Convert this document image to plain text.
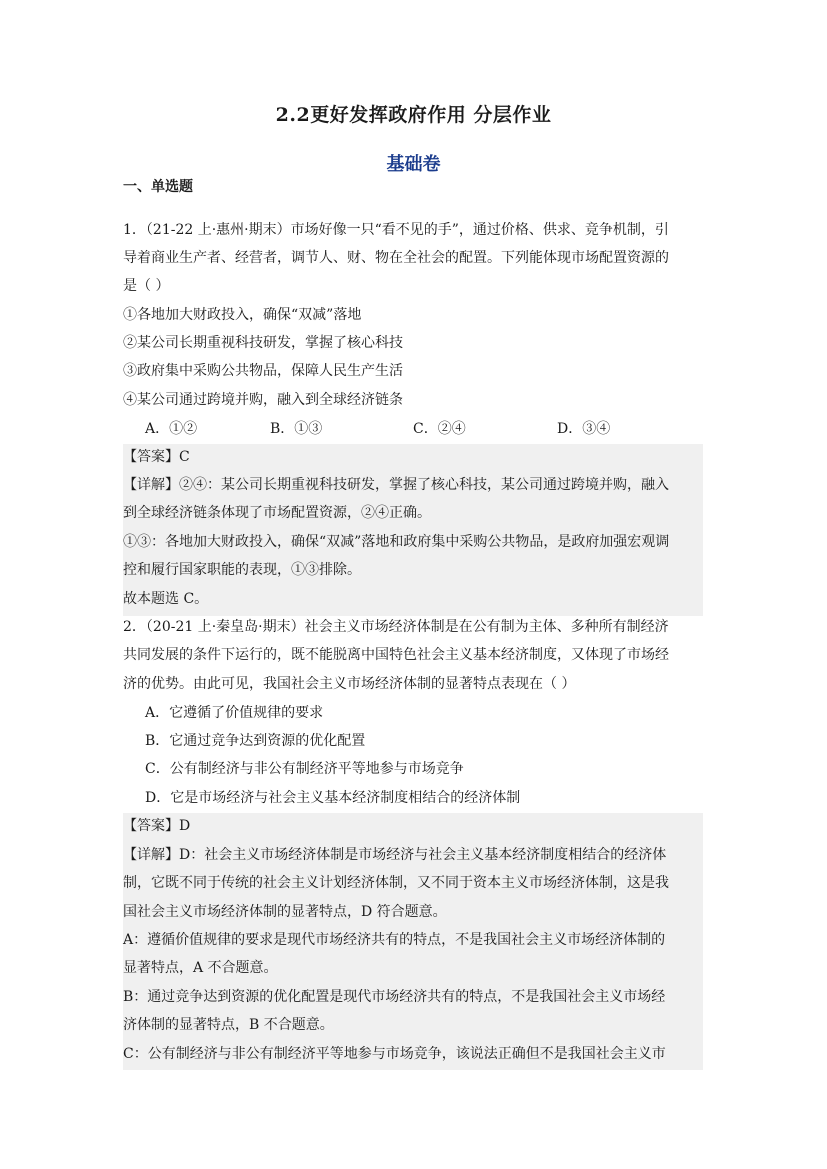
2.2更好发挥政府作用 分层作业
基础卷
一、单选题
1．（21-22 上·惠州·期末）市场好像一只“看不见的手”，通过价格、供求、竞争机制，引
导着商业生产者、经营者，调节人、财、物在全社会的配置。下列能体现市场配置资源的
是（ ）
①各地加大财政投入，确保“双减”落地
②某公司长期重视科技研发，掌握了核心科技
③政府集中采购公共物品，保障人民生产生活
④某公司通过跨境并购，融入到全球经济链条
A．①②	B．①③	C．②④	D．③④
【答案】C
【详解】②④：某公司长期重视科技研发，掌握了核心科技，某公司通过跨境并购，融入
到全球经济链条体现了市场配置资源，②④正确。
①③：各地加大财政投入，确保“双减”落地和政府集中采购公共物品，是政府加强宏观调
控和履行国家职能的表现，①③排除。
故本题选 C。
2．（20-21 上·秦皇岛·期末）社会主义市场经济体制是在公有制为主体、多种所有制经济
共同发展的条件下运行的，既不能脱离中国特色社会主义基本经济制度，又体现了市场经
济的优势。由此可见，我国社会主义市场经济体制的显著特点表现在（ ）
A．它遵循了价值规律的要求
B．它通过竞争达到资源的优化配置
C．公有制经济与非公有制经济平等地参与市场竞争
D．它是市场经济与社会主义基本经济制度相结合的经济体制
【答案】D
【详解】D：社会主义市场经济体制是市场经济与社会主义基本经济制度相结合的经济体
制，它既不同于传统的社会主义计划经济体制，又不同于资本主义市场经济体制，这是我
国社会主义市场经济体制的显著特点，D 符合题意。
A：遵循价值规律的要求是现代市场经济共有的特点，不是我国社会主义市场经济体制的
显著特点，A 不合题意。
B：通过竞争达到资源的优化配置是现代市场经济共有的特点，不是我国社会主义市场经
济体制的显著特点，B 不合题意。
C：公有制经济与非公有制经济平等地参与市场竞争，该说法正确但不是我国社会主义市
